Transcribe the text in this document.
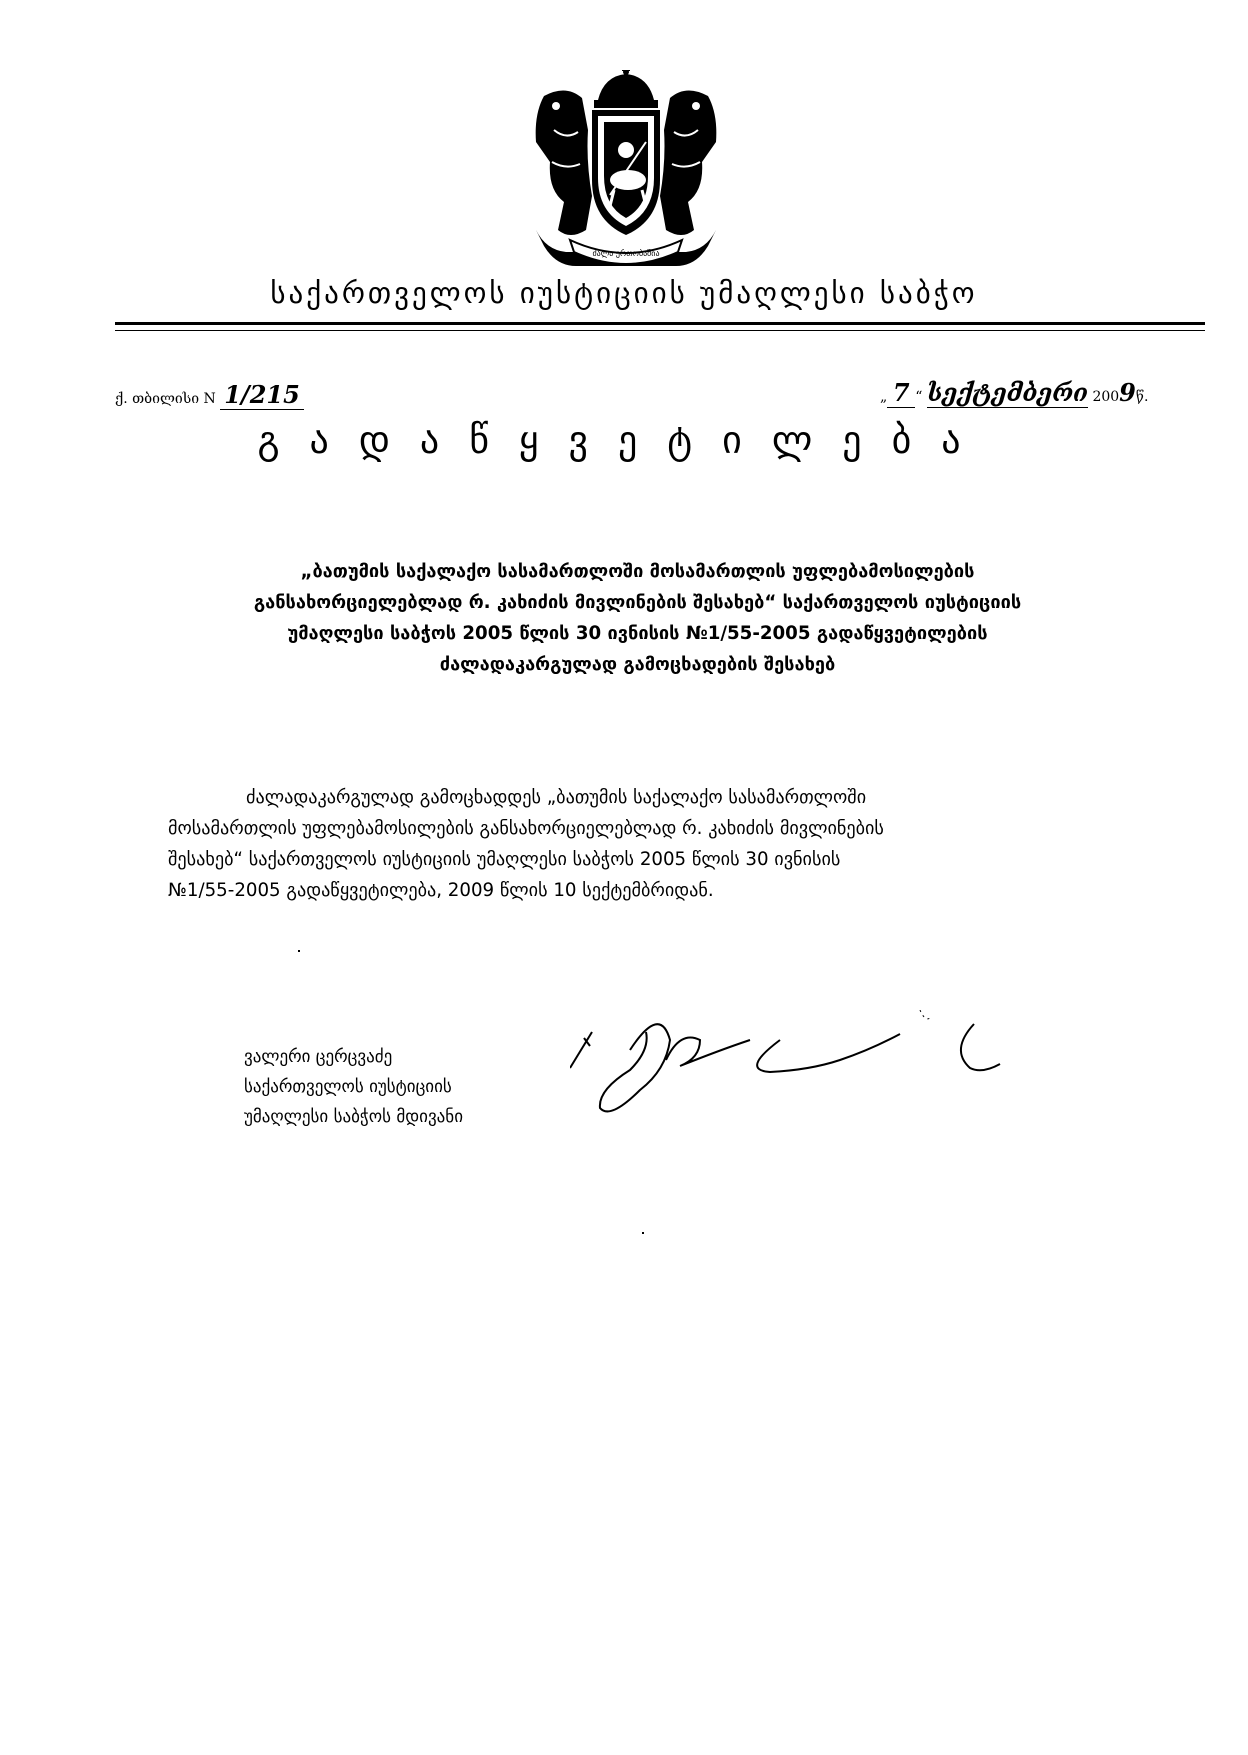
ძალა ერთობაშია
საქართველოს იუსტიციის უმაღლესი საბჭო
ქ. თბილისი N 1/215	„ 7 “ სექტემბერი 2009წ.
გადაწყვეტილება
„ბათუმის საქალაქო სასამართლოში მოსამართლის უფლებამოსილების
განსახორციელებლად რ. კახიძის მივლინების შესახებ“ საქართველოს იუსტიციის
უმაღლესი საბჭოს 2005 წლის 30 ივნისის №1/55-2005 გადაწყვეტილების
ძალადაკარგულად გამოცხადების შესახებ
ძალადაკარგულად გამოცხადდეს „ბათუმის საქალაქო სასამართლოში
მოსამართლის უფლებამოსილების განსახორციელებლად რ. კახიძის მივლინების
შესახებ“ საქართველოს იუსტიციის უმაღლესი საბჭოს 2005 წლის 30 ივნისის
№1/55-2005 გადაწყვეტილება, 2009 წლის 10 სექტემბრიდან.
ვალერი ცერცვაძე
საქართველოს იუსტიციის
უმაღლესი საბჭოს მდივანი
